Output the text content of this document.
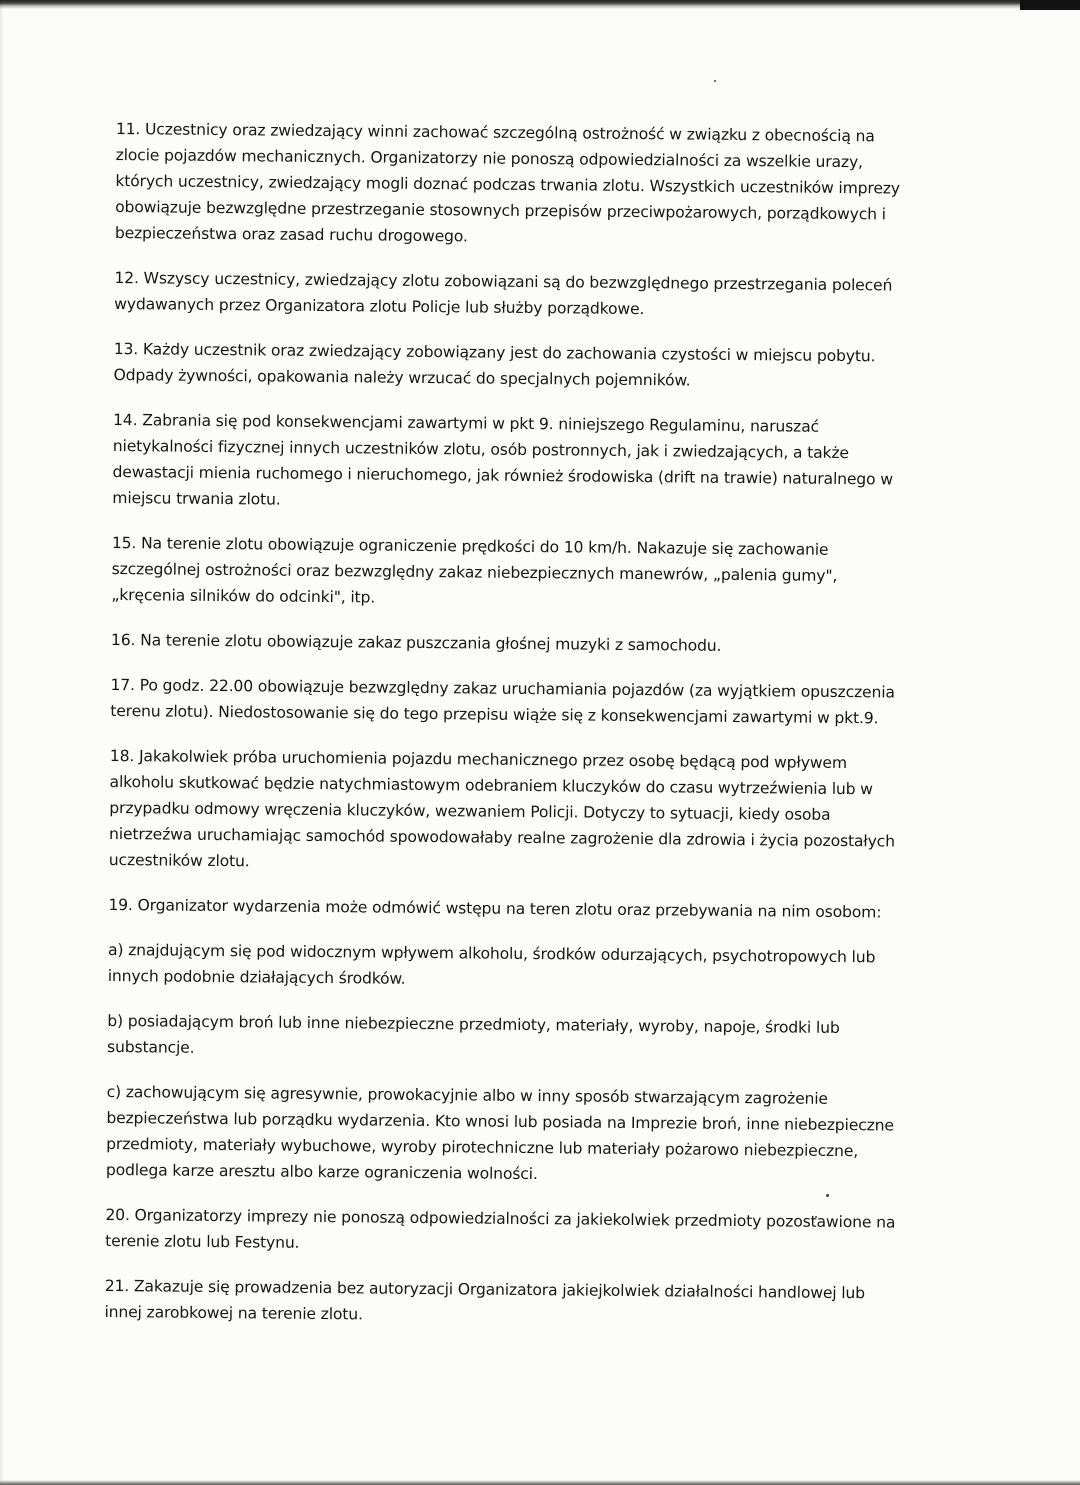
11. Uczestnicy oraz zwiedzający winni zachować szczególną ostrożność w związku z obecnością na zlocie pojazdów mechanicznych. Organizatorzy nie ponoszą odpowiedzialności za wszelkie urazy, których uczestnicy, zwiedzający mogli doznać podczas trwania zlotu. Wszystkich uczestników imprezy obowiązuje bezwzględne przestrzeganie stosownych przepisów przeciwpożarowych, porządkowych i bezpieczeństwa oraz zasad ruchu drogowego.

12. Wszyscy uczestnicy, zwiedzający zlotu zobowiązani są do bezwzględnego przestrzegania poleceń wydawanych przez Organizatora zlotu Policje lub służby porządkowe.

13. Każdy uczestnik oraz zwiedzający zobowiązany jest do zachowania czystości w miejscu pobytu. Odpady żywności, opakowania należy wrzucać do specjalnych pojemników.

14. Zabrania się pod konsekwencjami zawartymi w pkt 9. niniejszego Regulaminu, naruszać nietykalności fizycznej innych uczestników zlotu, osób postronnych, jak i zwiedzających, a także dewastacji mienia ruchomego i nieruchomego, jak również środowiska (drift na trawie) naturalnego w miejscu trwania zlotu.

15. Na terenie zlotu obowiązuje ograniczenie prędkości do 10 km/h. Nakazuje się zachowanie szczególnej ostrożności oraz bezwzględny zakaz niebezpiecznych manewrów, „palenia gumy", „kręcenia silników do odcinki", itp.

16. Na terenie zlotu obowiązuje zakaz puszczania głośnej muzyki z samochodu.

17. Po godz. 22.00 obowiązuje bezwzględny zakaz uruchamiania pojazdów (za wyjątkiem opuszczenia terenu zlotu). Niedostosowanie się do tego przepisu wiąże się z konsekwencjami zawartymi w pkt.9.

18. Jakakolwiek próba uruchomienia pojazdu mechanicznego przez osobę będącą pod wpływem alkoholu skutkować będzie natychmiastowym odebraniem kluczyków do czasu wytrzeźwienia lub w przypadku odmowy wręczenia kluczyków, wezwaniem Policji. Dotyczy to sytuacji, kiedy osoba nietrzeźwa uruchamiając samochód spowodowałaby realne zagrożenie dla zdrowia i życia pozostałych uczestników zlotu.

19. Organizator wydarzenia może odmówić wstępu na teren zlotu oraz przebywania na nim osobom:

a) znajdującym się pod widocznym wpływem alkoholu, środków odurzających, psychotropowych lub innych podobnie działających środków.

b) posiadającym broń lub inne niebezpieczne przedmioty, materiały, wyroby, napoje, środki lub substancje.

c) zachowującym się agresywnie, prowokacyjnie albo w inny sposób stwarzającym zagrożenie bezpieczeństwa lub porządku wydarzenia. Kto wnosi lub posiada na Imprezie broń, inne niebezpieczne przedmioty, materiały wybuchowe, wyroby pirotechniczne lub materiały pożarowo niebezpieczne, podlega karze aresztu albo karze ograniczenia wolności.

20. Organizatorzy imprezy nie ponoszą odpowiedzialności za jakiekolwiek przedmioty pozostawione na terenie zlotu lub Festynu.

21. Zakazuje się prowadzenia bez autoryzacji Organizatora jakiejkolwiek działalności handlowej lub innej zarobkowej na terenie zlotu.
